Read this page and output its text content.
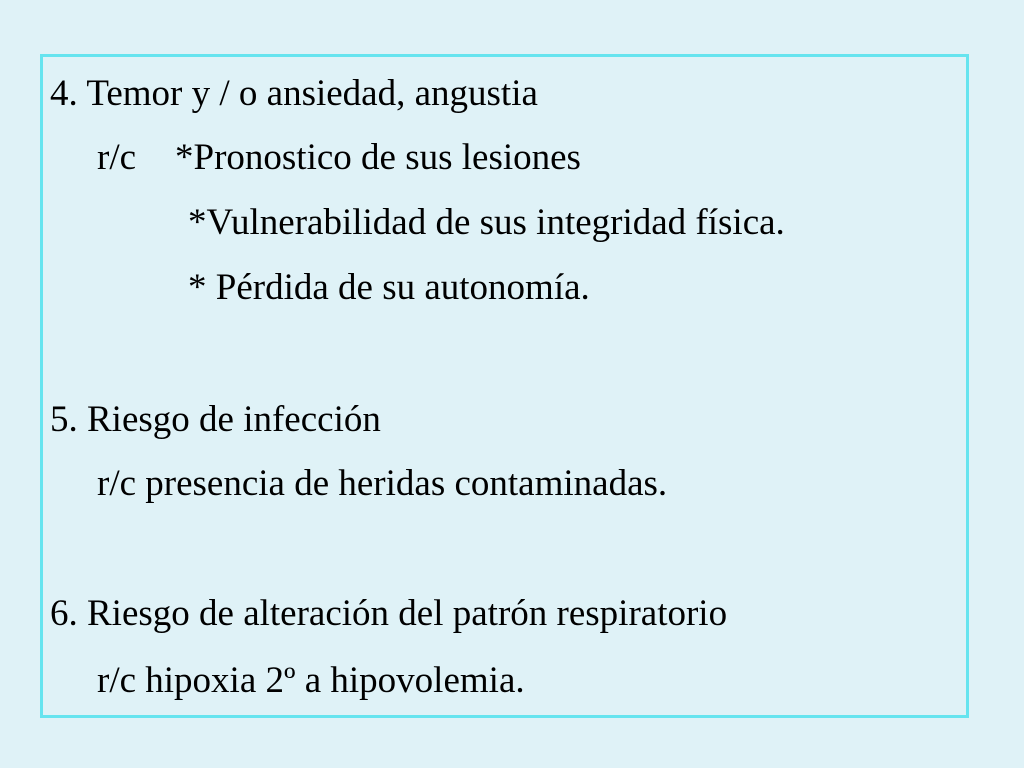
4. Temor y / o ansiedad, angustia
r/c *Pronostico de sus lesiones
*Vulnerabilidad de sus integridad física.
* Pérdida de su autonomía.
5. Riesgo de infección
r/c presencia de heridas contaminadas.
6. Riesgo de alteración del patrón respiratorio
r/c hipoxia 2º a hipovolemia.
